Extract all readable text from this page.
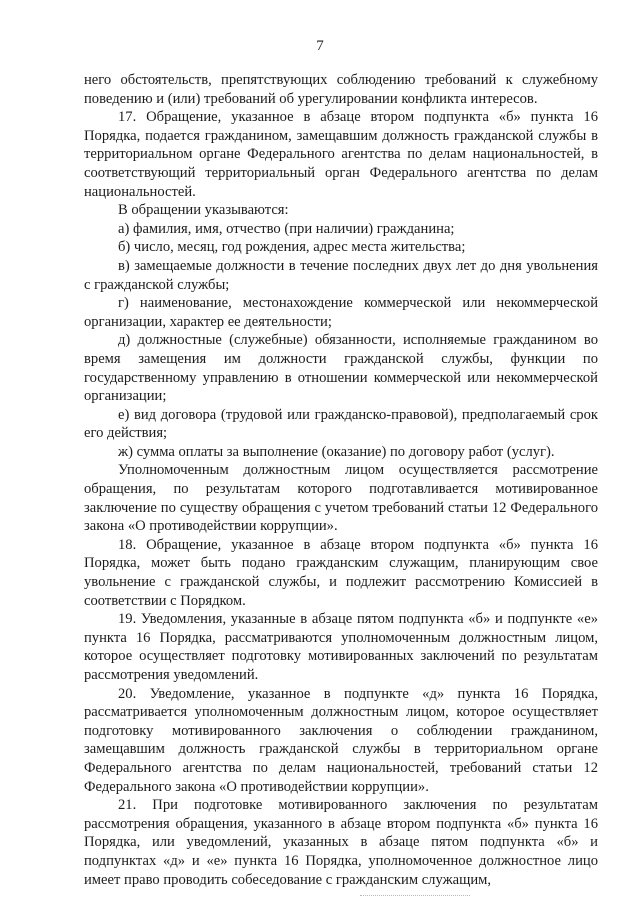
7

него обстоятельств, препятствующих соблюдению требований к служебному поведению и (или) требований об урегулировании конфликта интересов.

17. Обращение, указанное в абзаце втором подпункта «б» пункта 16 Порядка, подается гражданином, замещавшим должность гражданской службы в территориальном органе Федерального агентства по делам национальностей, в соответствующий территориальный орган Федерального агентства по делам национальностей.

В обращении указываются:

а) фамилия, имя, отчество (при наличии) гражданина;

б) число, месяц, год рождения, адрес места жительства;

в) замещаемые должности в течение последних двух лет до дня увольнения с гражданской службы;

г) наименование, местонахождение коммерческой или некоммерческой организации, характер ее деятельности;

д) должностные (служебные) обязанности, исполняемые гражданином во время замещения им должности гражданской службы, функции по государственному управлению в отношении коммерческой или некоммерческой организации;

е) вид договора (трудовой или гражданско-правовой), предполагаемый срок его действия;

ж) сумма оплаты за выполнение (оказание) по договору работ (услуг).

Уполномоченным должностным лицом осуществляется рассмотрение обращения, по результатам которого подготавливается мотивированное заключение по существу обращения с учетом требований статьи 12 Федерального закона «О противодействии коррупции».

18. Обращение, указанное в абзаце втором подпункта «б» пункта 16 Порядка, может быть подано гражданским служащим, планирующим свое увольнение с гражданской службы, и подлежит рассмотрению Комиссией в соответствии с Порядком.

19. Уведомления, указанные в абзаце пятом подпункта «б» и подпункте «е» пункта 16 Порядка, рассматриваются уполномоченным должностным лицом, которое осуществляет подготовку мотивированных заключений по результатам рассмотрения уведомлений.

20. Уведомление, указанное в подпункте «д» пункта 16 Порядка, рассматривается уполномоченным должностным лицом, которое осуществляет подготовку мотивированного заключения о соблюдении гражданином, замещавшим должность гражданской службы в территориальном органе Федерального агентства по делам национальностей, требований статьи 12 Федерального закона «О противодействии коррупции».

21. При подготовке мотивированного заключения по результатам рассмотрения обращения, указанного в абзаце втором подпункта «б» пункта 16 Порядка, или уведомлений, указанных в абзаце пятом подпункта «б» и подпунктах «д» и «е» пункта 16 Порядка, уполномоченное должностное лицо имеет право проводить собеседование с гражданским служащим,
